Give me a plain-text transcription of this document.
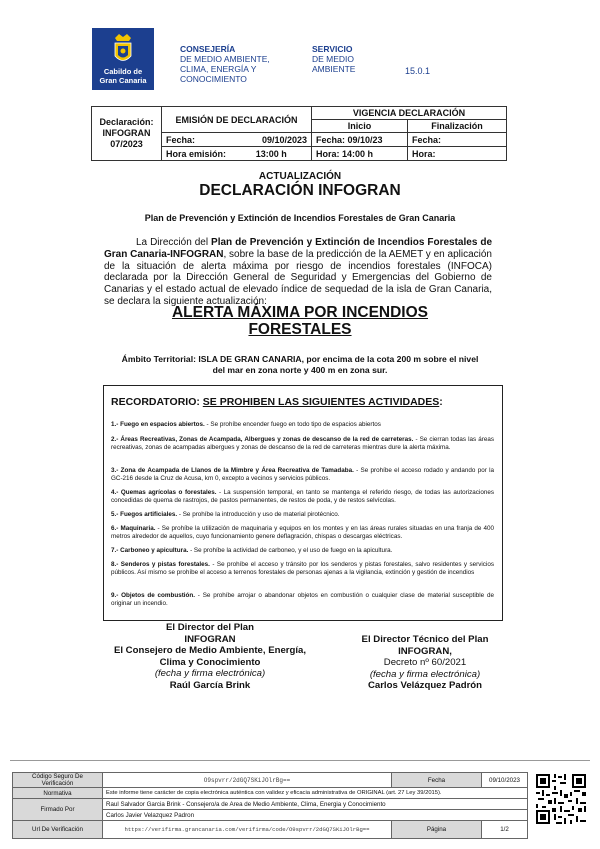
Cabildo de
Gran Canaria
CONSEJERÍA
DE MEDIO AMBIENTE,
CLIMA, ENERGÍA Y
CONOCIMIENTO
SERVICIO
DE MEDIO
AMBIENTE	15.0.1
Declaración:
INFOGRAN
07/2023	EMISIÓN DE DECLARACIÓN		VIGENCIA DECLARACIÓN	
			Inicio	Finalización
	Fecha:	09/10/2023	Fecha: 09/10/23	Fecha:
	Hora emisión:	13:00 h	Hora: 14:00 h	Hora:
ACTUALIZACIÓN
DECLARACIÓN INFOGRAN
Plan de Prevención y Extinción de Incendios Forestales de Gran Canaria
La Dirección del Plan de Prevención y Extinción de Incendios Forestales de Gran Canaria-INFOGRAN, sobre la base de la predicción de la AEMET y en aplicación de la situación de alerta máxima por riesgo de incendios forestales (INFOCA) declarada por la Dirección General de Seguridad y Emergencias del Gobierno de Canarias y el estado actual de elevado índice de sequedad de la isla de Gran Canaria, se declara la siguiente actualización:
ALERTA MÁXIMA POR INCENDIOS
FORESTALES
Ámbito Territorial: ISLA DE GRAN CANARIA, por encima de la cota 200 m sobre el nivel
del mar en zona norte y 400 m en zona sur.
RECORDATORIO: SE PROHIBEN LAS SIGUIENTES ACTIVIDADES:
1.- Fuego en espacios abiertos. - Se prohíbe encender fuego en todo tipo de espacios abiertos
2.- Áreas Recreativas, Zonas de Acampada, Albergues y zonas de descanso de la red de carreteras. - Se cierran todas las áreas recreativas, zonas de acampadas albergues y zonas de descanso de la red de carreteras mientras dure la alerta máxima.
3.- Zona de Acampada de Llanos de la Mimbre y Área Recreativa de Tamadaba. - Se prohíbe el acceso rodado y andando por la GC-216 desde la Cruz de Acusa, km 0, excepto a vecinos y servicios públicos.
4.- Quemas agrícolas o forestales. - La suspensión temporal, en tanto se mantenga el referido riesgo, de todas las autorizaciones concedidas de quema de rastrojos, de pastos permanentes, de restos de poda, y de restos selvícolas.
5.- Fuegos artificiales. - Se prohíbe la introducción y uso de material pirotécnico.
6.- Maquinaria. - Se prohíbe la utilización de maquinaria y equipos en los montes y en las áreas rurales situadas en una franja de 400 metros alrededor de aquellos, cuyo funcionamiento genere deflagración, chispas o descargas eléctricas.
7.- Carboneo y apicultura. - Se prohíbe la actividad de carboneo, y el uso de fuego en la apicultura.
8.- Senderos y pistas forestales. - Se prohíbe el acceso y tránsito por los senderos y pistas forestales, salvo residentes y servicios públicos. Así mismo se prohíbe el acceso a terrenos forestales de personas ajenas a la vigilancia, extinción y gestión de incendios
9.- Objetos de combustión. - Se prohíbe arrojar o abandonar objetos en combustión o cualquier clase de material susceptible de originar un incendio.
El Director del Plan
INFOGRAN
El Consejero de Medio Ambiente, Energía,
Clima y Conocimiento
(fecha y firma electrónica)
Raúl García Brink
El Director Técnico del Plan
INFOGRAN,
Decreto nº 60/2021
(fecha y firma electrónica)
Carlos Velázquez Padrón
Código Seguro De Verificación	O9spvrr/2dGQ7SKiJOlrBg==	Fecha	09/10/2023
Normativa	Este informe tiene carácter de copia electrónica auténtica con validez y eficacia administrativa de ORIGINAL (art. 27 Ley 39/2015).		
Firmado Por	Raul Salvador Garcia Brink - Consejero/a de Area de Medio Ambiente, Clima, Energia y Conocimiento		
	Carlos Javier Velazquez Padron		
Url De Verificación	https://verifirma.grancanaria.com/verifirma/code/O9spvrr/2dGQ7SKiJOlrBg==	Página	1/2
